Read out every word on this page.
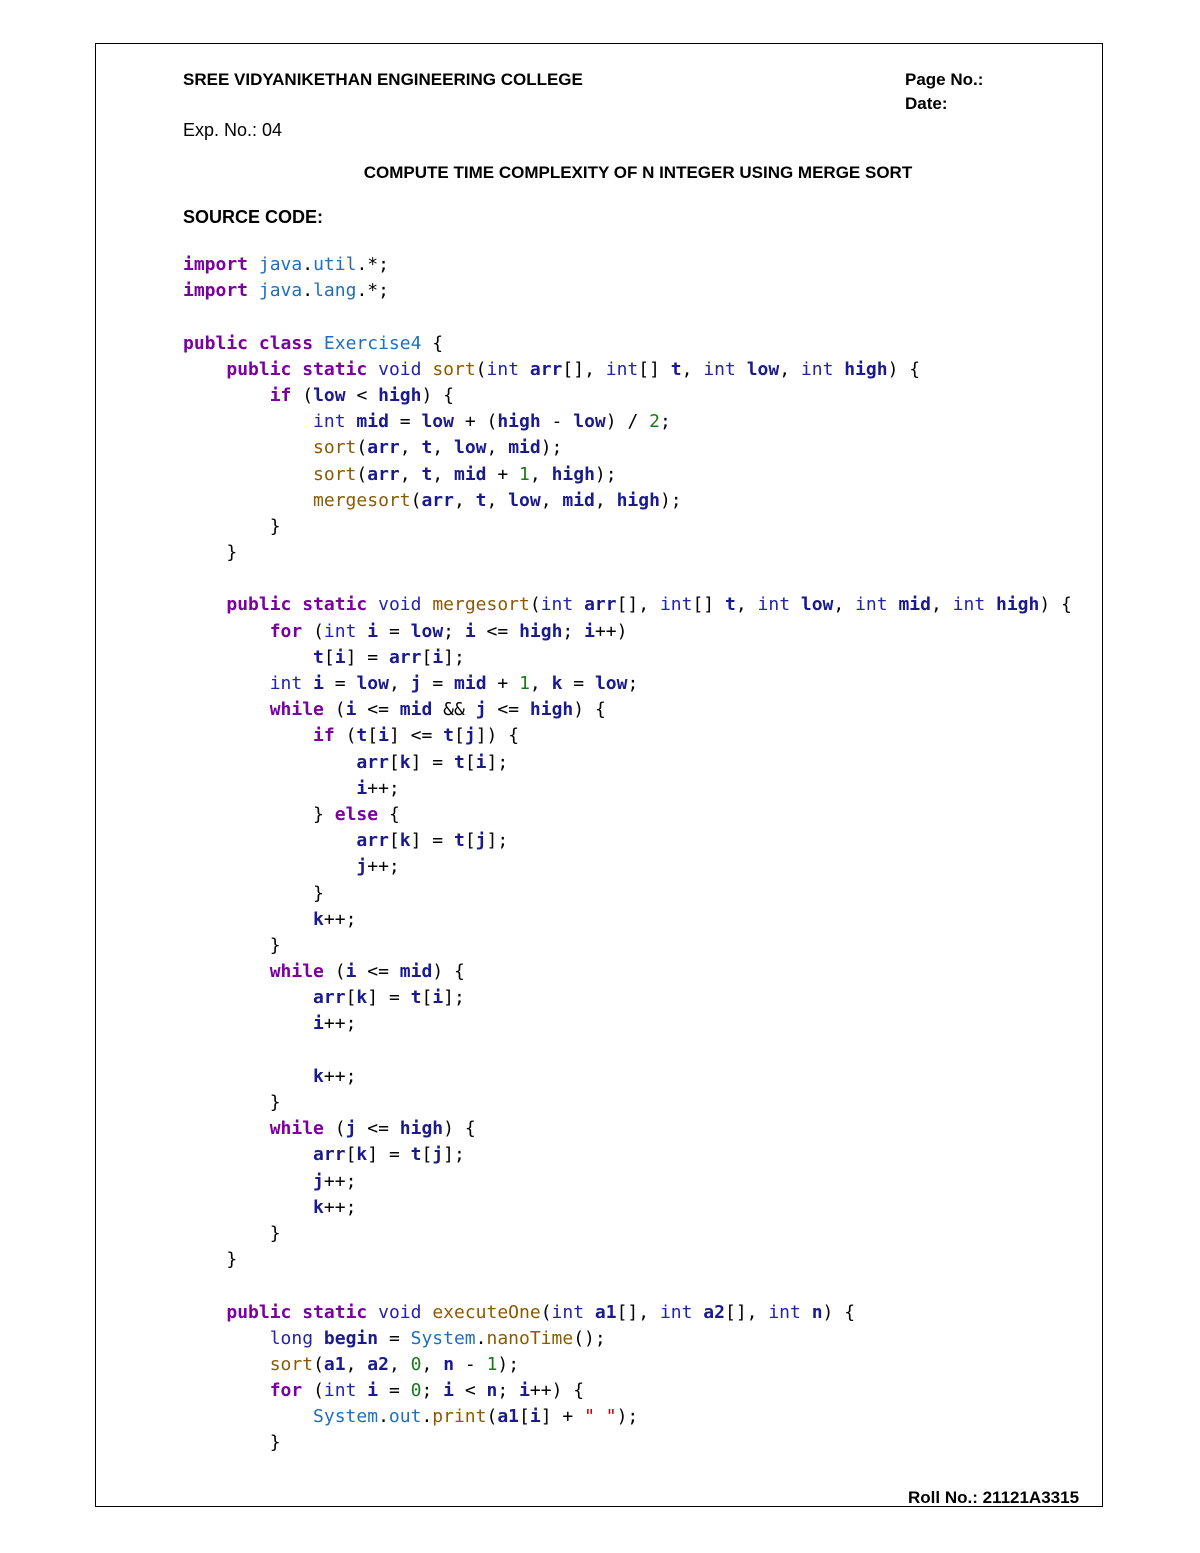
SREE VIDYANIKETHAN ENGINEERING COLLEGE	Page No.:
Date:
Exp. No.: 04
COMPUTE TIME COMPLEXITY OF N INTEGER USING MERGE SORT
SOURCE CODE:
import java.util.*;
import java.lang.*;
public class Exercise4 {
public static void sort(int arr[], int[] t, int low, int high) {
if (low < high) {
int mid = low + (high - low) / 2;
sort(arr, t, low, mid);
sort(arr, t, mid + 1, high);
mergesort(arr, t, low, mid, high);
}
}
public static void mergesort(int arr[], int[] t, int low, int mid, int high) {
for (int i = low; i <= high; i++)
t[i] = arr[i];
int i = low, j = mid + 1, k = low;
while (i <= mid && j <= high) {
if (t[i] <= t[j]) {
arr[k] = t[i];
i++;
} else {
arr[k] = t[j];
j++;
}
k++;
}
while (i <= mid) {
arr[k] = t[i];
i++;
k++;
}
while (j <= high) {
arr[k] = t[j];
j++;
k++;
}
}
public static void executeOne(int a1[], int a2[], int n) {
long begin = System.nanoTime();
sort(a1, a2, 0, n - 1);
for (int i = 0; i < n; i++) {
System.out.print(a1[i] + " ");
}
Roll No.: 21121A3315
